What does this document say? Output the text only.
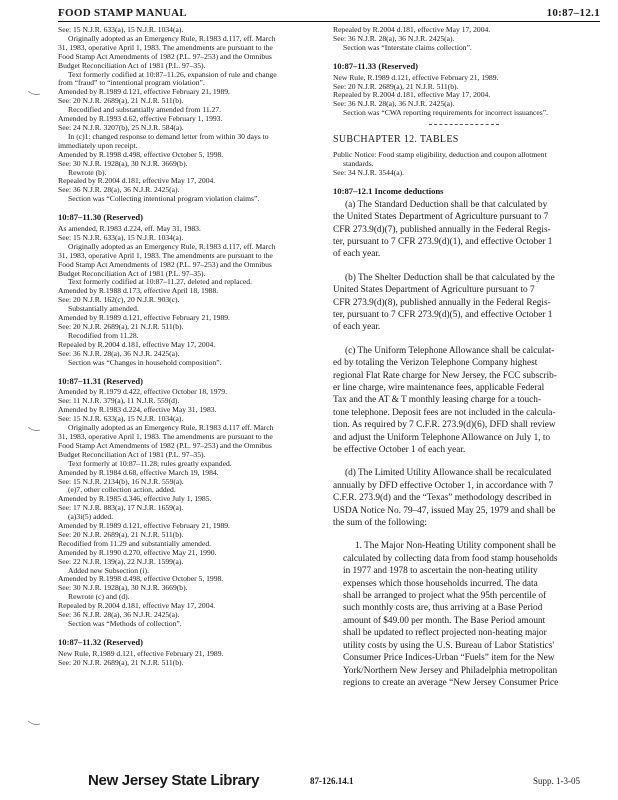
FOOD STAMP MANUAL	10:87–12.1
See: 15 N.J.R. 633(a), 15 N.J.R. 1034(a).
Originally adopted as an Emergency Rule, R.1983 d.117, eff. March
31, 1983, operative April 1, 1983. The amendments are pursuant to the
Food Stamp Act Amendments of 1982 (P.L. 97–253) and the Omnibus
Budget Reconciliation Act of 1981 (P.L. 97–35).
Text formerly codified at 10:87–11.26, expansion of rule and change
from “fraud” to “intentional program violation”.
Amended by R.1989 d.121, effective February 21, 1989.
See: 20 N.J.R. 2689(a), 21 N.J.R. 511(b).
Recodified and substantially amended from 11.27.
Amended by R.1993 d.62, effective February 1, 1993.
See: 24 N.J.R. 3207(b), 25 N.J.R. 584(a).
In (c)1: changed response to demand letter from within 30 days to
immediately upon receipt.
Amended by R.1998 d.498, effective October 5, 1998.
See: 30 N.J.R. 1928(a), 30 N.J.R. 3669(b).
Rewrote (b).
Repealed by R.2004 d.181, effective May 17, 2004.
See: 36 N.J.R. 28(a), 36 N.J.R. 2425(a).
Section was “Collecting intentional program violation claims”.
10:87–11.30 (Reserved)
As amended, R.1983 d.224, eff. May 31, 1983.
See: 15 N.J.R. 633(a), 15 N.J.R. 1034(a).
Originally adopted as an Emergency Rule, R.1983 d.117, eff. March
31, 1983, operative April 1, 1983. The amendments are pursuant to the
Food Stamp Act Amendments of 1982 (P.L. 97–253) and the Omnibus
Budget Reconciliation Act of 1981 (P.L. 97–35).
Text formerly codified at 10:87–11.27, deleted and replaced.
Amended by R.1988 d.173, effective April 18, 1988.
See: 20 N.J.R. 162(c), 20 N.J.R. 903(c).
Substantially amended.
Amended by R.1989 d.121, effective February 21, 1989.
See: 20 N.J.R. 2689(a), 21 N.J.R. 511(b).
Recodified from 11.28.
Repealed by R.2004 d.181, effective May 17, 2004.
See: 36 N.J.R. 28(a), 36 N.J.R. 2425(a).
Section was “Changes in household composition”.
10:87–11.31 (Reserved)
Amended by R.1979 d.422, effective October 18, 1979.
See: 11 N.J.R. 379(a), 11 N.J.R. 559(d).
Amended by R.1983 d.224, effective May 31, 1983.
See: 15 N.J.R. 633(a), 15 N.J.R. 1034(a).
Originally adopted as an Emergency Rule, R.1983 d.117 eff. March
31, 1983, operative April 1, 1983. The amendments are pursuant to the
Food Stamp Act Amendments of 1982 (P.L. 97–253) and the Omnibus
Budget Reconciliation Act of 1981 (P.L. 97–35).
Text formerly at 10:87–11.28; rules greatly expanded.
Amended by R.1984 d.68, effective March 19, 1984.
See: 15 N.J.R. 2134(b), 16 N.J.R. 559(a).
(e)7, other collection action, added.
Amended by R.1985 d.346, effective July 1, 1985.
See: 17 N.J.R. 883(a), 17 N.J.R. 1659(a).
(a)3i(5) added.
Amended by R.1989 d.121, effective February 21, 1989.
See: 20 N.J.R. 2689(a), 21 N.J.R. 511(b).
Recodified from 11.29 and substantially amended.
Amended by R.1990 d.270, effective May 21, 1990.
See: 22 N.J.R. 139(a), 22 N.J.R. 1599(a).
Added new Subsection (i).
Amended by R.1998 d.498, effective October 5, 1998.
See: 30 N.J.R. 1928(a), 30 N.J.R. 3669(b).
Rewrote (c) and (d).
Repealed by R.2004 d.181, effective May 17, 2004.
See: 36 N.J.R. 28(a), 36 N.J.R. 2425(a).
Section was “Methods of collection”.
10:87–11.32 (Reserved)
New Rule, R.1989 d.121, effective February 21, 1989.
See: 20 N.J.R. 2689(a), 21 N.J.R. 511(b).
Repealed by R.2004 d.181, effective May 17, 2004.
See: 36 N.J.R. 28(a), 36 N.J.R. 2425(a).
Section was “Interstate claims collection”.
10:87–11.33 (Reserved)
New Rule, R.1989 d.121, effective February 21, 1989.
See: 20 N.J.R. 2689(a), 21 N.J.R. 511(b).
Repealed by R.2004 d.181, effective May 17, 2004.
See: 36 N.J.R. 28(a), 36 N.J.R. 2425(a).
Section was “CWA reporting requirements for incorrect issuances”.
SUBCHAPTER 12. TABLES
Public Notice: Food stamp eligibility, deduction and coupon allotment
standards.
See: 34 N.J.R. 3544(a).
10:87–12.1 Income deductions
(a) The Standard Deduction shall be that calculated by
the United States Department of Agriculture pursuant to 7
CFR 273.9(d)(7), published annually in the Federal Regis-
ter, pursuant to 7 CFR 273.9(d)(1), and effective October 1
of each year.
(b) The Shelter Deduction shall be that calculated by the
United States Department of Agriculture pursuant to 7
CFR 273.9(d)(8), published annually in the Federal Regis-
ter, pursuant to 7 CFR 273.9(d)(5), and effective October 1
of each year.
(c) The Uniform Telephone Allowance shall be calculat-
ed by totaling the Verizon Telephone Company highest
regional Flat Rate charge for New Jersey, the FCC subscrib-
er line charge, wire maintenance fees, applicable Federal
Tax and the AT & T monthly leasing charge for a touch-
tone telephone. Deposit fees are not included in the calcula-
tion. As required by 7 C.F.R. 273.9(d)(6), DFD shall review
and adjust the Uniform Telephone Allowance on July 1, to
be effective October 1 of each year.
(d) The Limited Utility Allowance shall be recalculated
annually by DFD effective October 1, in accordance with 7
C.F.R. 273.9(d) and the “Texas” methodology described in
USDA Notice No. 79–47, issued May 25, 1979 and shall be
the sum of the following:
1. The Major Non-Heating Utility component shall be
calculated by collecting data from food stamp households
in 1977 and 1978 to ascertain the non-heating utility
expenses which those households incurred. The data
shall be arranged to project what the 95th percentile of
such monthly costs are, thus arriving at a Base Period
amount of $49.00 per month. The Base Period amount
shall be updated to reflect projected non-heating major
utility costs by using the U.S. Bureau of Labor Statistics'
Consumer Price Indices-Urban “Fuels” item for the New
York/Northern New Jersey and Philadelphia metropolitan
regions to create an average “New Jersey Consumer Price
New Jersey State Library	87-126.14.1	Supp. 1-3-05
